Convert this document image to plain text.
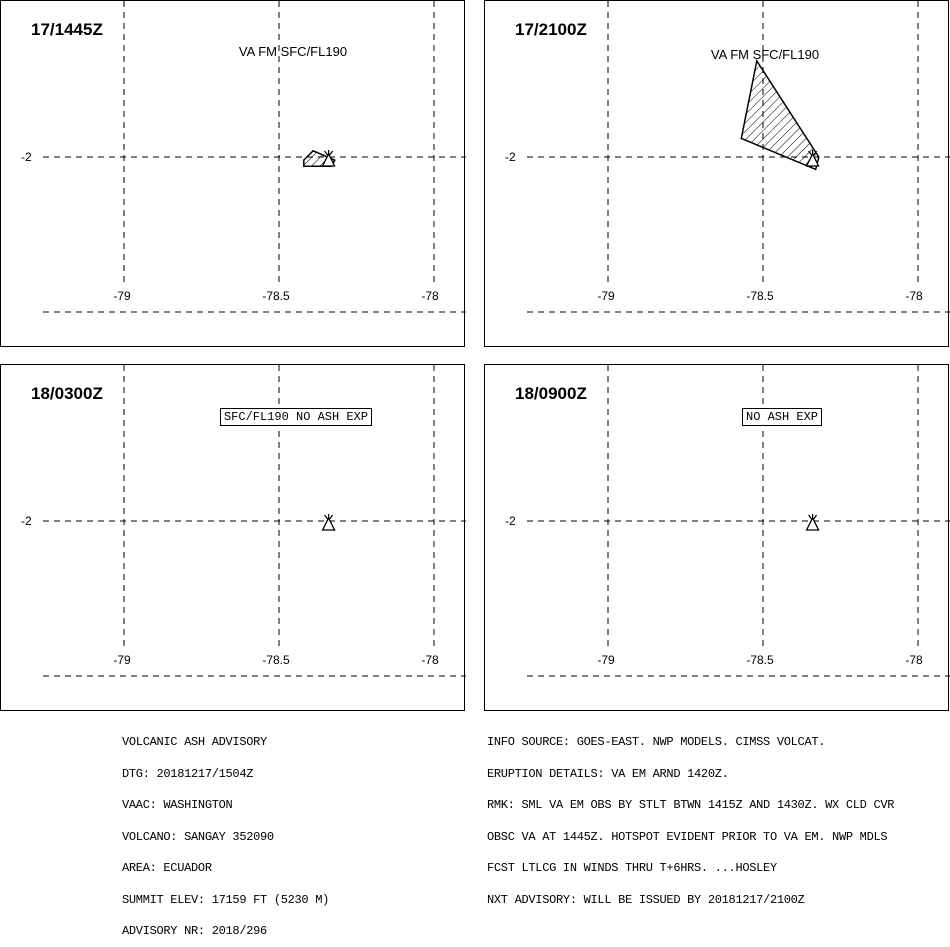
17/1445Z
VA FM SFC/FL190
-2
-79	-78.5	-78
17/2100Z
VA FM SFC/FL190
-2
-79	-78.5	-78
18/0300Z
SFC/FL190 NO ASH EXP
-2
-79	-78.5	-78
18/0900Z
NO ASH EXP
-2
-79	-78.5	-78

VOLCANIC ASH ADVISORY

DTG: 20181217/1504Z

VAAC: WASHINGTON

VOLCANO: SANGAY 352090

AREA: ECUADOR

SUMMIT ELEV: 17159 FT (5230 M)

ADVISORY NR: 2018/296

INFO SOURCE: GOES-EAST. NWP MODELS. CIMSS VOLCAT.

ERUPTION DETAILS: VA EM ARND 1420Z.

RMK: SML VA EM OBS BY STLT BTWN 1415Z AND 1430Z. WX CLD CVR

OBSC VA AT 1445Z. HOTSPOT EVIDENT PRIOR TO VA EM. NWP MDLS

FCST LTLCG IN WINDS THRU T+6HRS. ...HOSLEY

NXT ADVISORY: WILL BE ISSUED BY 20181217/2100Z
